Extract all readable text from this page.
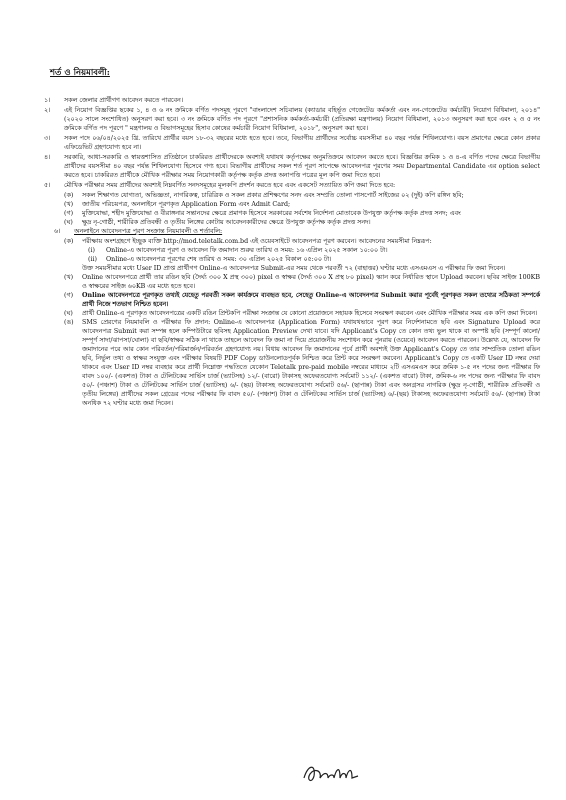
শর্ত ও নিয়মাবলী:
১।	সকল জেলার প্রার্থীগণ আবেদন করতে পারবেন।
২।	এই নিয়োগ বিজ্ঞপ্তির ছকের ১, ৪ ও ৬ নং ক্রমিকে বর্ণিত পদসমূহ পূরণে "বাংলাদেশ সচিবালয় (ক্যাডার বহির্ভূত গেজেটেড কর্মকর্তা এবং নন-গেজেটেড কর্মচারী) নিয়োগ বিধিমালা, ২০১৪" (২০২০ সালে সংশোধিত) অনুসরণ করা হবে। ৩ নং ক্রমিকে বর্ণিত পদ পূরণে "প্রশাসনিক কর্মকর্তা-কর্মচারী (প্রতিরক্ষা মন্ত্রণালয়) নিয়োগ বিধিমালা, ২০১৩ অনুসরণ করা হবে এবং ২ ও ৫ নং ক্রমিকে বর্ণিত পদ পূরণে " মন্ত্রণালয় ও বিভাগসমূহের হিসাব কোষের কর্মচারী নিয়োগ বিধিমালা, ২০১৮", অনুসরণ করা হবে।
৩।	সকল পদে ০৬/০৪/২০২৫ খ্রি. তারিখে প্রার্থীর বয়স ১৮-৩২ বছরের মধ্যে হতে হবে। তবে, বিভাগীয় প্রার্থীদের সর্বোচ্চ বয়সসীমা ৪০ বছর পর্যন্ত শিথিলযোগ্য। বয়স প্রমাণের ক্ষেত্রে কোন প্রকার এফিডেভিট গ্রহণযোগ্য হবে না।
৪।	সরকারি, আধা-সরকারি ও স্বায়ত্তশাসিত প্রতিষ্ঠানে চাকরিরত প্রার্থীদেরকে অবশ্যই যথাযথ কর্তৃপক্ষের অনুমতিক্রমে আবেদন করতে হবে। বিজ্ঞপ্তির ক্রমিক ১ ও ৪-এ বর্ণিত পদের ক্ষেত্রে বিভাগীয় প্রার্থীদের বয়সসীমা ৪০ বছর পর্যন্ত শিথিলযোগ্য হিসেবে গণ্য হবে। বিভাগীয় প্রার্থীদের সকল শর্ত পূরণ সাপেক্ষে আবেদনপত্র পূরণের সময় Departmental Candidate এর option select করতে হবে। চাকরিরত প্রার্থীকে মৌখিক পরীক্ষার সময় নিয়োগকারী কর্তৃপক্ষ কর্তৃক প্রদত্ত অনাপত্তি পত্রের মূল কপি জমা দিতে হবে।
৫।	মৌখিক পরীক্ষার সময় প্রার্থীদের অবশ্যই নিম্নবর্ণিত সনদসমূহের মূলকপি প্রদর্শন করতে হবে এবং একসেট সত্যায়িত কপি জমা দিতে হবে:
(ক)	সকল শিক্ষাগত যোগ্যতা, অভিজ্ঞতা, নাগরিকত্ব, চারিত্রিক ও সকল প্রকার প্রশিক্ষণের সনদ এবং সম্প্রতি তোলা পাসপোর্ট সাইজের ০২ (দুই) কপি রঙ্গিন ছবি;
(খ)	জাতীয় পরিচয়পত্র, অনলাইনে পূরণকৃত Application Form এবং Admit Card;
(গ)	মুক্তিযোদ্ধা, শহীদ মুক্তিযোদ্ধা ও বীরাঙ্গনার সন্তানদের ক্ষেত্রে প্রমাণক হিসেবে সরকারের সর্বশেষ নির্দেশনা মোতাবেক উপযুক্ত কর্তৃপক্ষ কর্তৃক প্রদত্ত সনদ; এবং
(ঘ)	ক্ষুদ্র নৃ-গোষ্ঠী, শারীরিক প্রতিবন্ধী ও তৃতীয় লিঙ্গের কোটায় আবেদনকারীদের ক্ষেত্রে উপযুক্ত কর্তৃপক্ষ কর্তৃক প্রদত্ত সনদ।
৬।	অনলাইনে আবেদনপত্র পূরণ সংক্রান্ত নিয়মাবলী ও শর্তাবলি:
(ক)	পরীক্ষায় অংশগ্রহণে ইচ্ছুক ব্যক্তি http://mod.teletalk.com.bd এই ওয়েবসাইটে আবেদনপত্র পূরণ করবেন। আবেদনের সময়সীমা নিম্নরূপ:
(i)	Online-এ আবেদনপত্র পূরণ ও আবেদন ফি জমাদান শুরুর তারিখ ও সময়: ১৬ এপ্রিল ২০২৫ সকাল ১০:০০ টা।
(ii)	Online-এ আবেদনপত্র পূরণের শেষ তারিখ ও সময়: ৩০ এপ্রিল ২০২৫ বিকাল ০৫:০০ টা।
উক্ত সময়সীমার মধ্যে User ID প্রাপ্ত প্রার্থীগণ Online-এ আবেদনপত্র Submit-এর সময় থেকে পরবর্তী ৭২ (বাহাত্তর) ঘণ্টার মধ্যে এসএমএস এ পরীক্ষার ফি জমা দিবেন।
(খ)	Online আবেদনপত্রে প্রার্থী তার রঙিন ছবি (দৈর্ঘ্য ৩০০ X প্রস্থ ৩০০) pixel ও স্বাক্ষর (দৈর্ঘ্য ৩০০ X প্রস্থ ৮০ pixel) স্ক্যান করে নির্ধারিত স্থানে Upload করবেন। ছবির সাইজ 100KB ও স্বাক্ষরের সাইজ ৬০KB এর মধ্যে হতে হবে।
(গ)	Online আবেদনপত্রে পূরণকৃত তথ্যই যেহেতু পরবর্তী সকল কার্যক্রমে ব্যবহৃত হবে, সেহেতু Online-এ আবেদনপত্র Submit করার পূর্বেই পূরণকৃত সকল তথ্যের সঠিকতা সম্পর্কে প্রার্থী নিজে শতভাগ নিশ্চিত হবেন।
(ঘ)	প্রার্থী Online-এ পূরণকৃত আবেদনপত্রের একটি রঙিন প্রিন্টকপি পরীক্ষা সংক্রান্ত যে কোনো প্রয়োজনে সহায়ক হিসেবে সংরক্ষণ করবেন এবং মৌখিক পরীক্ষার সময় এক কপি জমা দিবেন।
(ঙ)	SMS প্রেরণের নিয়মাবলি ও পরীক্ষার ফি প্রদান: Online-এ আবেদনপত্র (Application Form) যথাযথভাবে পূরণ করে নির্দেশনামতে ছবি এবং Signature Upload করে আবেদনপত্র Submit করা সম্পন্ন হলে কম্পিউটারে ছবিসহ Application Preview দেখা যাবে। যদি Applicant's Copy তে কোন তথ্য ভুল থাকে বা অস্পষ্ট ছবি (সম্পূর্ণ কালো/সম্পূর্ণ সাদা/ঝাপসা/ঘোলা) বা ছবি/স্বাক্ষর সঠিক না থাকে তাহলে আবেদন ফি জমা না দিয়ে প্রয়োজনীয় সংশোধন করে পুনরায় (ওয়েবে) আবেদন করতে পারবেন। উল্লেখ্য যে, আবেদন ফি জমাদানের পরে আর কোন পরিবর্তন/পরিমার্জন/পরিবর্তন গ্রহণযোগ্য নয়। বিধায় আবেদন ফি জমাদানের পূর্বে প্রার্থী অবশ্যই উক্ত Applicant's Copy তে তার সাম্প্রতিক তোলা রঙিন ছবি, নির্ভুল তথ্য ও স্বাক্ষর সংযুক্ত এবং পরীক্ষার বিষয়টি PDF Copy ডাউনলোডপূর্বক নিশ্চিত করে প্রিন্ট করে সংরক্ষণ করবেন। Applicant's Copy তে একটি User ID নম্বর দেয়া থাকবে এবং User ID নম্বর ব্যবহার করে প্রার্থী নিম্নোক্ত পদ্ধতিতে যেকোন Teletalk pre-paid mobile নম্বরের মাধ্যমে ২টি এসএমএস করে ক্রমিক ১-৫ নং পদের জন্য পরীক্ষার ফি বাবদ ১০০/- (একশত) টাকা ও টেলিটকের সার্ভিস চার্জ (ভ্যাটসহ) ১২/- (বারো) টাকাসহ অফেরতযোগ্য সর্বমোট ১১২/- (একশত বারো) টাকা, ক্রমিক-৬ নং পদের জন্য পরীক্ষার ফি বাবদ ৫০/- (পঞ্চাশ) টাকা ও টেলিটকের সার্ভিস চার্জ (ভ্যাটসহ) ৬/- (ছয়) টাকাসহ অফেরতযোগ্য সর্বমোট ৫৬/- (ছাপান্ন) টাকা এবং অনগ্রসর নাগরিক (ক্ষুদ্র নৃ-গোষ্ঠী, শারীরিক প্রতিবন্ধী ও তৃতীয় লিঙ্গের) প্রার্থীদের সকল গ্রেডের পদের পরীক্ষার ফি বাবদ ৫০/- (পঞ্চাশ) টাকা ও টেলিটকের সার্ভিস চার্জ (ভ্যাটসহ) ৬/-(ছয়) টাকাসহ অফেরতযোগ্য সর্বমোট ৫৬/- (ছাপান্ন) টাকা অনধিক ৭২ ঘণ্টার মধ্যে জমা দিবেন।
